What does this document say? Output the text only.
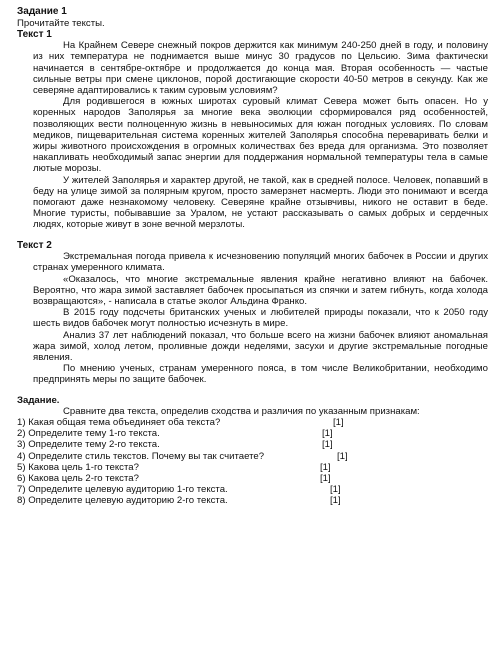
Задание 1

Прочитайте тексты.

Текст 1

На Крайнем Севере снежный покров держится как минимум 240-250 дней в году, и половину из них температура не поднимается выше минус 30 градусов по Цельсию. Зима фактически начинается в сентябре-октябре и продолжается до конца мая. Вторая особенность — частые сильные ветры при смене циклонов, порой достигающие скорости 40-50 метров в секунду. Как же северяне адаптировались к таким суровым условиям?

Для родившегося в южных широтах суровый климат Севера может быть опасен. Но у коренных народов Заполярья за многие века эволюции сформировался ряд особенностей, позволяющих вести полноценную жизнь в невыносимых для южан погодных условиях. По словам медиков, пищеварительная система коренных жителей Заполярья способна переваривать белки и жиры животного происхождения в огромных количествах без вреда для организма. Это позволяет накапливать необходимый запас энергии для поддержания нормальной температуры тела в самые лютые морозы.

У жителей Заполярья и характер другой, не такой, как в средней полосе. Человек, попавший в беду на улице зимой за полярным кругом, просто замерзнет насмерть. Люди это понимают и всегда помогают даже незнакомому человеку. Северяне крайне отзывчивы, никого не оставит в беде. Многие туристы, побывавшие за Уралом, не устают рассказывать о самых добрых и сердечных людях, которые живут в зоне вечной мерзлоты.

Текст 2

Экстремальная погода привела к исчезновению популяций многих бабочек в России и других странах умеренного климата.

«Оказалось, что многие экстремальные явления крайне негативно влияют на бабочек. Вероятно, что жара зимой заставляет бабочек просыпаться из спячки и затем гибнуть, когда холода возвращаются», - написала в статье эколог Альдина Франко.

В 2015 году подсчеты британских ученых и любителей природы показали, что к 2050 году шесть видов бабочек могут полностью исчезнуть в мире.

Анализ 37 лет наблюдений показал, что больше всего на жизни бабочек влияют аномальная жара зимой, холод летом, проливные дожди неделями, засухи и другие экстремальные погодные явления.

По мнению ученых, странам умеренного пояса, в том числе Великобритании, необходимо предпринять меры по защите бабочек.

Задание.

Сравните два текста, определив сходства и различия по указанным признакам:

1) Какая общая тема объединяет оба текста?	[1]
2) Определите тему 1-го текста.	[1]
3) Определите тему 2-го текста.	[1]
4) Определите стиль текстов. Почему вы так считаете?	[1]
5) Какова цель 1-го текста?	[1]
6) Какова цель 2-го текста?	[1]
7) Определите целевую аудиторию 1-го текста.	[1]
8) Определите целевую аудиторию 2-го текста.	[1]
